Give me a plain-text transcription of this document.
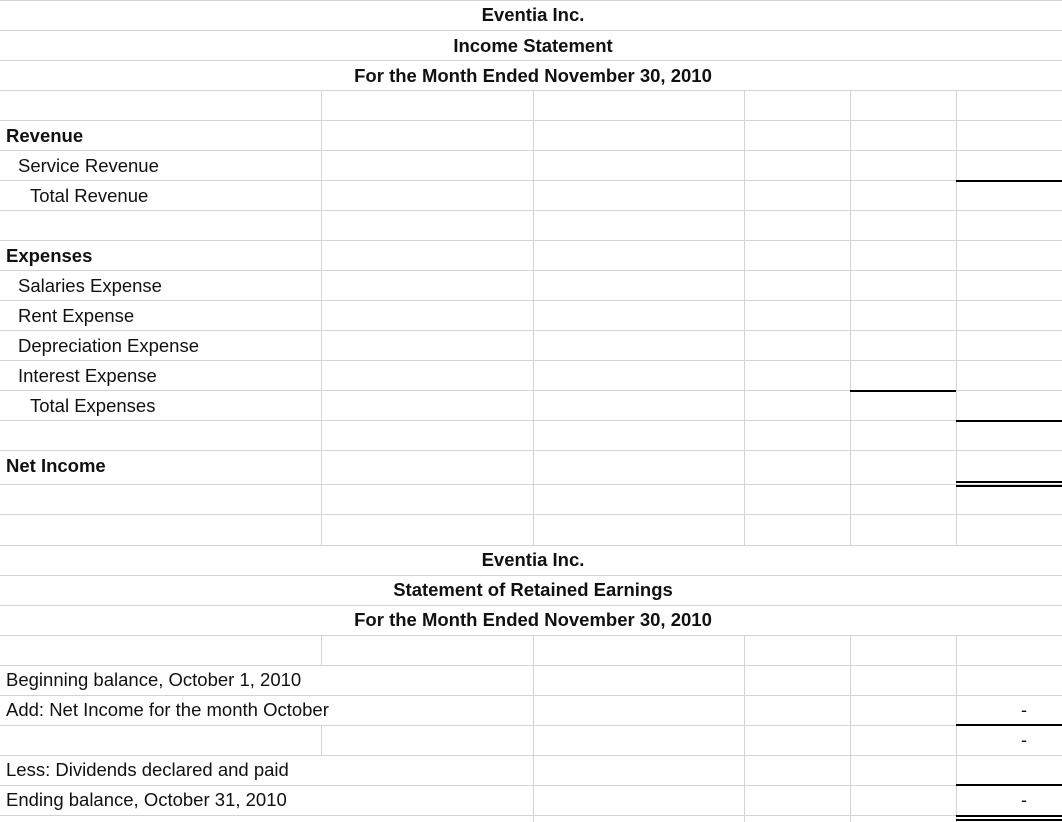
Eventia Inc.
Income Statement
For the Month Ended November 30, 2010
Revenue
Service Revenue
Total Revenue
Expenses
Salaries Expense
Rent Expense
Depreciation Expense
Interest Expense
Total Expenses
Net Income
Eventia Inc.
Statement of Retained Earnings
For the Month Ended November 30, 2010
Beginning balance, October 1, 2010
Add: Net Income for the month October	-
-
Less: Dividends declared and paid
Ending balance, October 31, 2010	-
